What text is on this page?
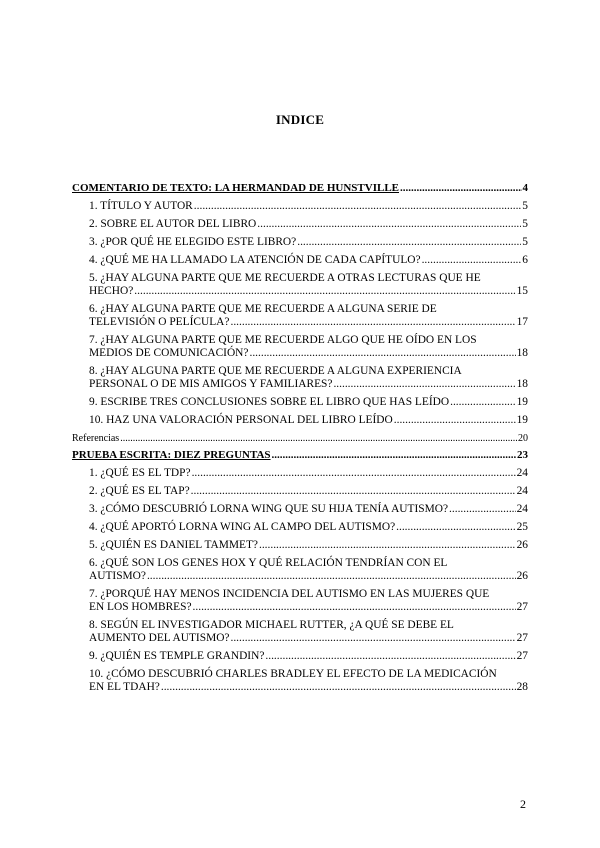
INDICE
COMENTARIO DE TEXTO: LA HERMANDAD DE HUNSTVILLE .....	4
1. TÍTULO Y AUTOR .....	5
2. SOBRE EL AUTOR DEL LIBRO .....	5
3. ¿POR QUÉ HE ELEGIDO ESTE LIBRO? .....	5
4. ¿QUÉ ME HA LLAMADO LA ATENCIÓN DE CADA CAPÍTULO? .....	6
5. ¿HAY ALGUNA PARTE QUE ME RECUERDE A OTRAS LECTURAS QUE HE
HECHO? .....	15
6. ¿HAY ALGUNA PARTE QUE ME RECUERDE A ALGUNA SERIE DE
TELEVISIÓN O PELÍCULA? .....	17
7. ¿HAY ALGUNA PARTE QUE ME RECUERDE ALGO QUE HE OÍDO EN LOS
MEDIOS DE COMUNICACIÓN? .....	18
8. ¿HAY ALGUNA PARTE QUE ME RECUERDE A ALGUNA EXPERIENCIA
PERSONAL O DE MIS AMIGOS Y FAMILIARES? .....	18
9. ESCRIBE TRES CONCLUSIONES SOBRE EL LIBRO QUE HAS LEÍDO .....	19
10. HAZ UNA VALORACIÓN PERSONAL DEL LIBRO LEÍDO .....	19
Referencias .....	20
PRUEBA ESCRITA: DIEZ PREGUNTAS .....	23
1. ¿QUÉ ES EL TDP? .....	24
2. ¿QUÉ ES EL TAP? .....	24
3. ¿CÓMO DESCUBRIÓ LORNA WING QUE SU HIJA TENÍA AUTISMO? .....	24
4. ¿QUÉ APORTÓ LORNA WING AL CAMPO DEL AUTISMO? .....	25
5. ¿QUIÉN ES DANIEL TAMMET? .....	26
6. ¿QUÉ SON LOS GENES HOX Y QUÉ RELACIÓN TENDRÍAN CON EL
AUTISMO? .....	26
7. ¿PORQUÉ HAY MENOS INCIDENCIA DEL AUTISMO EN LAS MUJERES QUE
EN LOS HOMBRES? .....	27
8. SEGÚN EL INVESTIGADOR MICHAEL RUTTER, ¿A QUÉ SE DEBE EL
AUMENTO DEL AUTISMO? .....	27
9. ¿QUIÉN ES TEMPLE GRANDIN? .....	27
10. ¿CÓMO DESCUBRIÓ CHARLES BRADLEY EL EFECTO DE LA MEDICACIÓN
EN EL TDAH? .....	28
2
